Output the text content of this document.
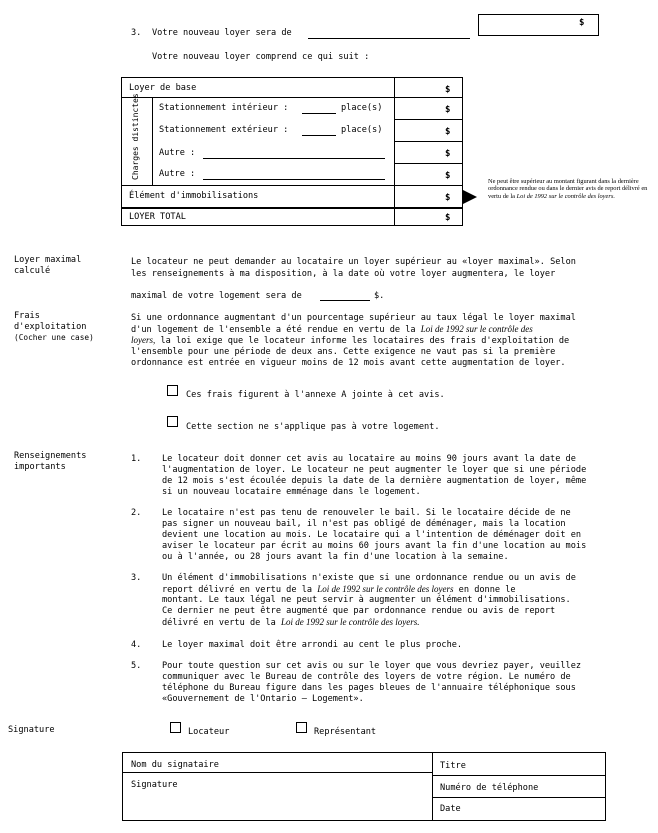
3. Votre nouveau loyer sera de
$
Votre nouveau loyer comprend ce qui suit :
Loyer de base	$
Charges distinctes Stationnement intérieur :	place(s)	$
Stationnement extérieur :	place(s)	$
Autre :	$
Autre :	$
Élément d'immobilisations	$
LOYER TOTAL	$
Ne peut être supérieur au montant figurant dans la dernière ordonnance rendue ou dans le dernier avis de report délivré en vertu de la Loi de 1992 sur le contrôle des loyers.
Loyer maximal
calculé
Le locateur ne peut demander au locataire un loyer supérieur au «loyer maximal». Selon
les renseignements à ma disposition, à la date où votre loyer augmentera, le loyer
maximal de votre logement sera de	$.
Frais
d'exploitation
(Cocher une case)
Si une ordonnance augmentant d'un pourcentage supérieur au taux légal le loyer maximal
d'un logement de l'ensemble a été rendue en vertu de la Loi de 1992 sur le contrôle des
loyers, la loi exige que le locateur informe les locataires des frais d'exploitation de
l'ensemble pour une période de deux ans. Cette exigence ne vaut pas si la première
ordonnance est entrée en vigueur moins de 12 mois avant cette augmentation de loyer.
Ces frais figurent à l'annexe A jointe à cet avis.
Cette section ne s'applique pas à votre logement.
Renseignements
importants
1. Le locateur doit donner cet avis au locataire au moins 90 jours avant la date de
l'augmentation de loyer. Le locateur ne peut augmenter le loyer que si une période
de 12 mois s'est écoulée depuis la date de la dernière augmentation de loyer, même
si un nouveau locataire emménage dans le logement.
2. Le locataire n'est pas tenu de renouveler le bail. Si le locataire décide de ne
pas signer un nouveau bail, il n'est pas obligé de déménager, mais la location
devient une location au mois. Le locataire qui a l'intention de déménager doit en
aviser le locateur par écrit au moins 60 jours avant la fin d'une location au mois
ou à l'année, ou 28 jours avant la fin d'une location à la semaine.
3. Un élément d'immobilisations n'existe que si une ordonnance rendue ou un avis de
report délivré en vertu de la Loi de 1992 sur le contrôle des loyers en donne le
montant. Le taux légal ne peut servir à augmenter un élément d'immobilisations.
Ce dernier ne peut être augmenté que par ordonnance rendue ou avis de report
délivré en vertu de la Loi de 1992 sur le contrôle des loyers.
4. Le loyer maximal doit être arrondi au cent le plus proche.
5. Pour toute question sur cet avis ou sur le loyer que vous devriez payer, veuillez
communiquer avec le Bureau de contrôle des loyers de votre région. Le numéro de
téléphone du Bureau figure dans les pages bleues de l'annuaire téléphonique sous
«Gouvernement de l'Ontario – Logement».
Signature	Locateur	Représentant
Nom du signataire
Signature
Titre
Numéro de téléphone
Date
